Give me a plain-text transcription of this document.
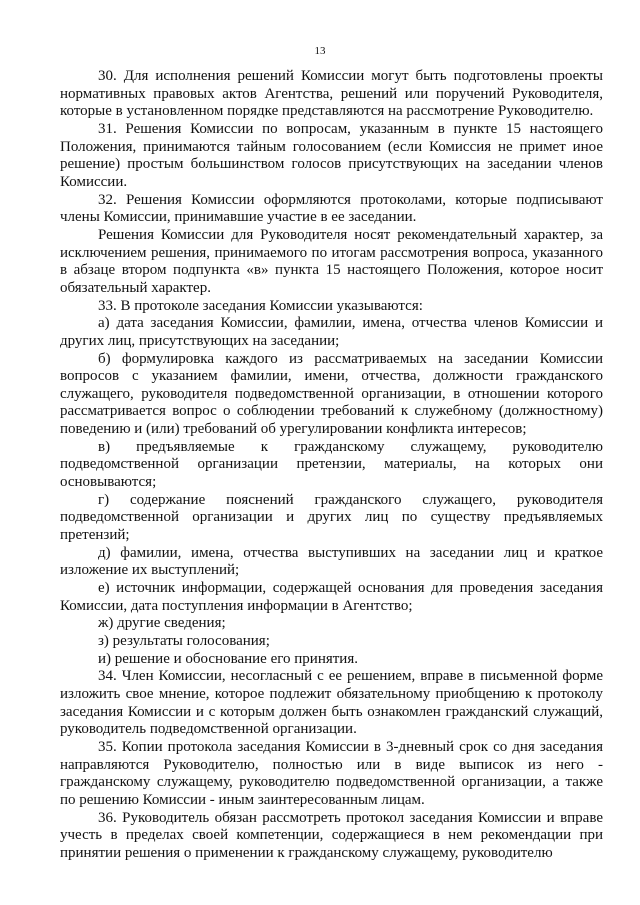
13

30. Для исполнения решений Комиссии могут быть подготовлены проекты нормативных правовых актов Агентства, решений или поручений Руководителя, которые в установленном порядке представляются на рассмотрение Руководителю.

31. Решения Комиссии по вопросам, указанным в пункте 15 настоящего Положения, принимаются тайным голосованием (если Комиссия не примет иное решение) простым большинством голосов присутствующих на заседании членов Комиссии.

32. Решения Комиссии оформляются протоколами, которые подписывают члены Комиссии, принимавшие участие в ее заседании.

Решения Комиссии для Руководителя носят рекомендательный характер, за исключением решения, принимаемого по итогам рассмотрения вопроса, указанного в абзаце втором подпункта «в» пункта 15 настоящего Положения, которое носит обязательный характер.

33. В протоколе заседания Комиссии указываются:

а) дата заседания Комиссии, фамилии, имена, отчества членов Комиссии и других лиц, присутствующих на заседании;

б) формулировка каждого из рассматриваемых на заседании Комиссии вопросов с указанием фамилии, имени, отчества, должности гражданского служащего, руководителя подведомственной организации, в отношении которого рассматривается вопрос о соблюдении требований к служебному (должностному) поведению и (или) требований об урегулировании конфликта интересов;

в) предъявляемые к гражданскому служащему, руководителю подведомственной организации претензии, материалы, на которых они основываются;

г) содержание пояснений гражданского служащего, руководителя подведомственной организации и других лиц по существу предъявляемых претензий;

д) фамилии, имена, отчества выступивших на заседании лиц и краткое изложение их выступлений;

е) источник информации, содержащей основания для проведения заседания Комиссии, дата поступления информации в Агентство;

ж) другие сведения;

з) результаты голосования;

и) решение и обоснование его принятия.

34. Член Комиссии, несогласный с ее решением, вправе в письменной форме изложить свое мнение, которое подлежит обязательному приобщению к протоколу заседания Комиссии и с которым должен быть ознакомлен гражданский служащий, руководитель подведомственной организации.

35. Копии протокола заседания Комиссии в 3-дневный срок со дня заседания направляются Руководителю, полностью или в виде выписок из него - гражданскому служащему, руководителю подведомственной организации, а также по решению Комиссии - иным заинтересованным лицам.

36. Руководитель обязан рассмотреть протокол заседания Комиссии и вправе учесть в пределах своей компетенции, содержащиеся в нем рекомендации при принятии решения о применении к гражданскому служащему, руководителю
